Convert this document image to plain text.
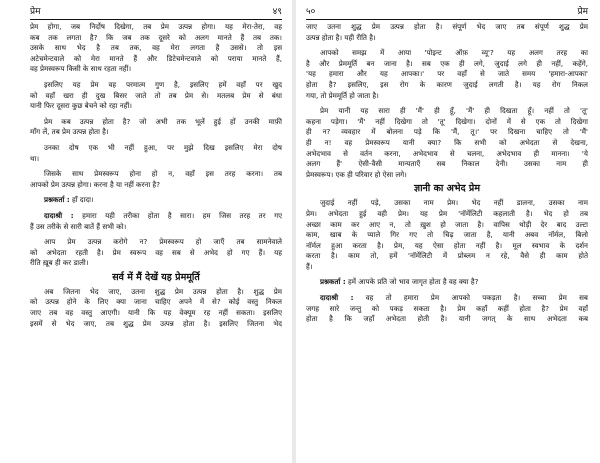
प्रेम	४९
प्रेम होगा, जब निर्दोष दिखेगा, तब प्रेम उत्पन्न होगा। यह मेरा-तेरा, वह
कब तक लगता है? कि जब तक दूसरे को अलग मानते हैं तब तक।
उसके साथ भेद है तब तक, वह मेरा लगता है उससे। तो इस
अटेचमेन्टवाले को मेरा मानते हैं और डिटेचमेन्टवाले को पराया मानते हैं,
वह प्रेमस्वरूप किसी के साथ रहता नहीं।
इसलिए यह प्रेम वह परमात्म गुण है, इसलिए हमें वहाँ पर खुद
को वहाँ खरा ही दुख बिसर जाते तो तब प्रेम से। मतलब प्रेम से बंधा
यानी फिर दूसरा कुछ बेचने को रहा नहीं।
प्रेम कब उत्पन्न होता है? जो अभी तक भूलें हुई हों उनकी माफ़ी
माँग लें, तब प्रेम उत्पन्न होता है।
उनका दोष एक भी नहीं हुआ, पर मुझे दिख इसलिए मेरा दोष
था।
जिसके साथ प्रेमस्वरूप होना हो न, वहाँ इस तरह करना। तब
आपको प्रेम उत्पन्न होगा। करना है या नहीं करना है?
प्रश्नकर्ता : हाँ दादा।
दादाश्री : हमारा यही तरीका होता है सारा। हम जिस तरह तर गए
हैं उस तरीके से सारी बातें हैं सभी को।
आप प्रेम उत्पन्न करोगे न? प्रेमस्वरूप हो जाएँ तब सामनेवाले
को अभेदता रहती है। प्रेम स्वरूप वह सब से अभेद हो गए हैं। यह
रीति ख़ूब ही कर डाली।
सर्व में मैं देखें यह प्रेममूर्ति
अब जितना भेद जाए, उतना शुद्ध प्रेम उत्पन्न होता है। शुद्ध प्रेम
को उत्पन्न होने के लिए क्या जाना चाहिए अपने में से? कोई वस्तु निकल
जाए तब वह वस्तु आएगी। यानी कि यह वेक्यूम रह नहीं सकता। इसलिए
इसमें से भेद जाए, तब शुद्ध प्रेम उत्पन्न होता है। इसलिए जितना भेद
५०	प्रेम
जाए उतना शुद्ध प्रेम उत्पन्न होता है। संपूर्ण भेद जाए तब संपूर्ण शुद्ध प्रेम
उत्पन्न होता है। यही रीति है।
आपको समझ में आया 'पोइन्ट ऑफ़ व्यू'? यह अलग तरह का
है और प्रेममूर्ति बन जाना है। सब एक ही लगे, जुदाई लगे ही नहीं, कहेंगे,
'यह हमारा और यह आपका।' पर वहाँ से जाते समय 'हमारा-आपका'
होता है? इसलिए, इस रोग के कारण जुदाई लगती है। यह रोग निकल
गया, तो प्रेममूर्ति हो जाता है।
प्रेम यानी यह सारा ही 'मैं' ही हूँ, 'मैं' ही दिखता हूँ। नहीं तो 'तू'
कहना पड़ेगा। 'मैं' नहीं दिखेगा तो 'तू' दिखेगा। दोनों में से एक तो दिखेगा
ही न? व्यवहार में बोलना पड़े कि 'मैं, तू।' पर दिखना चाहिए तो 'मैं'
ही न! वह प्रेमस्वरूप यानी क्या? कि सभी को अभेदता से देखना,
अभेदभाव से वर्तन करना, अभेदभाव से चलना, अभेदभाव ही मानना। 'ये
अलग हैं' ऐसी-वैसी मान्यताएँ सब निकाल देनी। उसका नाम ही
प्रेमस्वरूप। एक ही परिवार हो ऐसा लगे।
ज्ञानी का अभेद प्रेम
जुदाई नहीं पड़े, उसका नाम प्रेम। भेद नहीं डालना, उसका नाम
प्रेम। अभेदता हुई वही प्रेम। यह प्रेम 'नॉर्मेलिटी कहलाती है। भेद हो तब
अच्छा काम कर आए न, तो ख़ुश हो जाता है। वापिस थोड़ी देर बाद उल्टा
काम, खाब के प्याले गिर गए तो चिढ़ जाता है, यानी अबव नॉर्मल, बिलो
नॉर्मल हुआ करता है। प्रेम, यह ऐसा होता नहीं है। मूल स्वभाव के दर्शन
करता है। काम तो, हमें 'नॉर्मेलिटी में प्रोब्लम न रहे, वैसे ही काम होते
हैं।
प्रश्नकर्ता : हमें आपके प्रति जो भाव जागृत होता है वह क्या है?
दादाश्री : वह तो हमारा प्रेम आपको पकड़ता है। सच्चा प्रेम सब
जगह सारे जन्तु को पकड़ सकता है। प्रेम कहाँ कहीं होता है? प्रेम वहाँ
होता है कि जहाँ अभेदता होती है। यानी जगत् के साथ अभेदता कब
